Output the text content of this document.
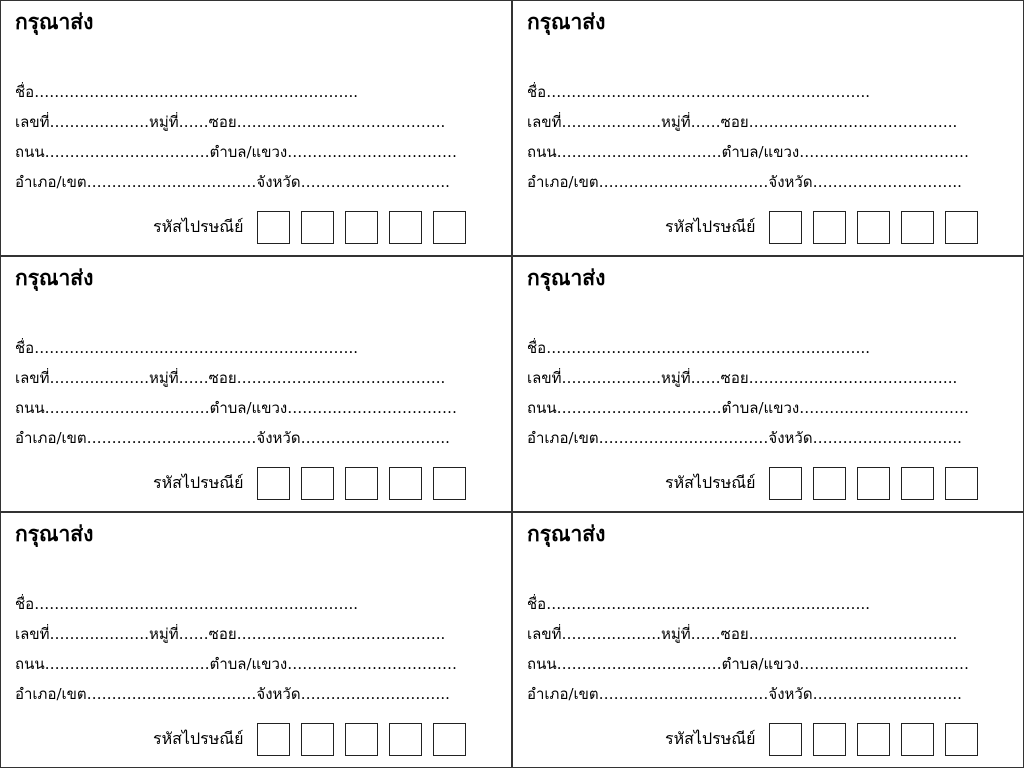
กรุณาส่ง
ชื่อ……………………..……………………….………..
เลขที่……….……….หมู่ที่……ซอย……………..……..……………..
ถนน……………………………ตำบล/แขวง……….……………………
อำเภอ/เขต……………….……………จังหวัด………….……………..
รหัสไปรษณีย์
กรุณาส่ง
ชื่อ……………………..……………………….………..
เลขที่……….……….หมู่ที่……ซอย……………..……..……………..
ถนน……………………………ตำบล/แขวง……….……………………
อำเภอ/เขต……………….……………จังหวัด………….……………..
รหัสไปรษณีย์
กรุณาส่ง
ชื่อ……………………..……………………….………..
เลขที่……….……….หมู่ที่……ซอย……………..……..……………..
ถนน……………………………ตำบล/แขวง……….……………………
อำเภอ/เขต……………….……………จังหวัด………….……………..
รหัสไปรษณีย์
กรุณาส่ง
ชื่อ……………………..……………………….………..
เลขที่……….……….หมู่ที่……ซอย……………..……..……………..
ถนน……………………………ตำบล/แขวง……….……………………
อำเภอ/เขต……………….……………จังหวัด………….……………..
รหัสไปรษณีย์
กรุณาส่ง
ชื่อ……………………..……………………….………..
เลขที่……….……….หมู่ที่……ซอย……………..……..……………..
ถนน……………………………ตำบล/แขวง……….……………………
อำเภอ/เขต……………….……………จังหวัด………….……………..
รหัสไปรษณีย์
กรุณาส่ง
ชื่อ……………………..……………………….………..
เลขที่……….……….หมู่ที่……ซอย……………..……..……………..
ถนน……………………………ตำบล/แขวง……….……………………
อำเภอ/เขต……………….……………จังหวัด………….……………..
รหัสไปรษณีย์
